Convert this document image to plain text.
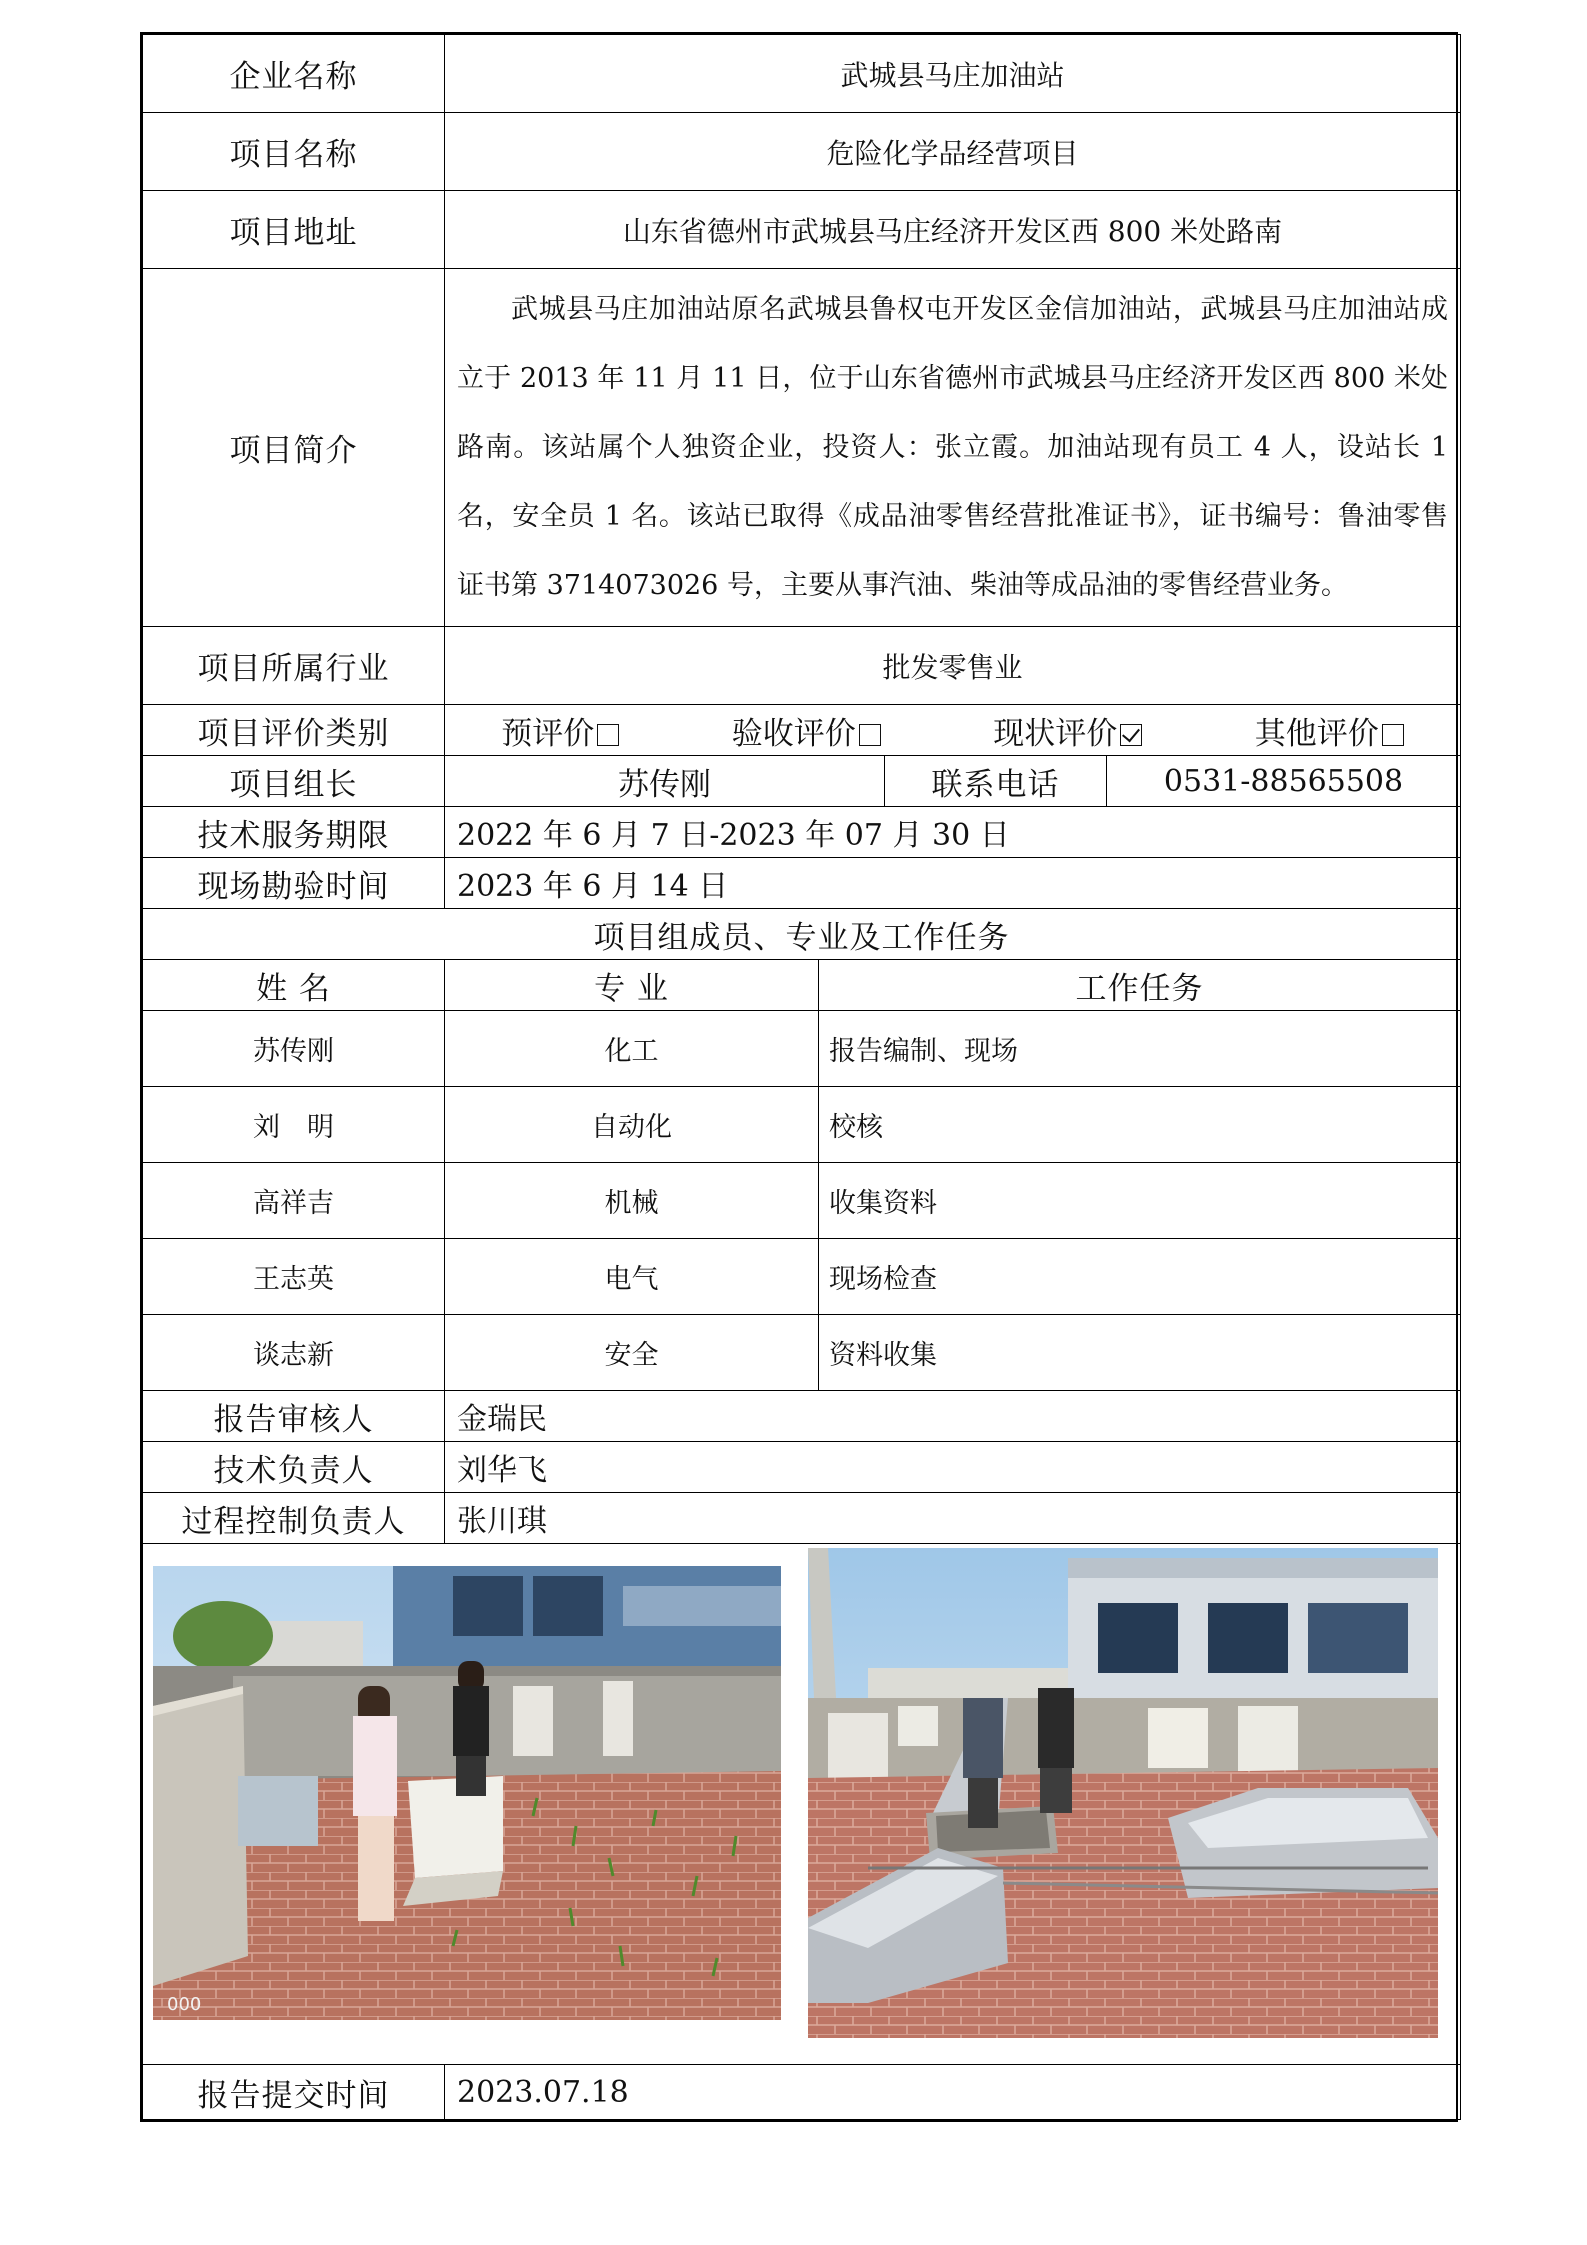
企业名称	武城县马庄加油站			
项目名称	危险化学品经营项目			
项目地址	山东省德州市武城县马庄经济开发区西 800 米处路南			
项目简介	武城县马庄加油站原名武城县鲁权屯开发区金信加油站，武城县马庄加油站成立于 2013 年 11 月 11 日，位于山东省德州市武城县马庄经济开发区西 800 米处路南。该站属个人独资企业，投资人：张立霞。加油站现有员工 4 人，设站长 1 名，安全员 1 名。该站已取得《成品油零售经营批准证书》，证书编号：鲁油零售证书第 3714073026 号，主要从事汽油、柴油等成品油的零售经营业务。			

项目所属行业	批发零售业			
项目评价类别	预评价 验收评价 现状评价 其他评价			

项目组长	苏传刚		联系电话	0531-88565508
技术服务期限	2022 年 6 月 7 日-2023 年 07 月 30 日			
现场勘验时间	2023 年 6 月 14 日			
项目组成员、专业及工作任务				
姓 名	专 业	工作任务		
苏传刚	化工	报告编制、现场		
刘　明	自动化	校核		
高祥吉	机械	收集资料		
王志英	电气	现场检查		
谈志新	安全	资料收集		
报告审核人	金瑞民			
技术负责人	刘华飞			
过程控制负责人	张川琪			

000				

报告提交时间	2023.07.18			
